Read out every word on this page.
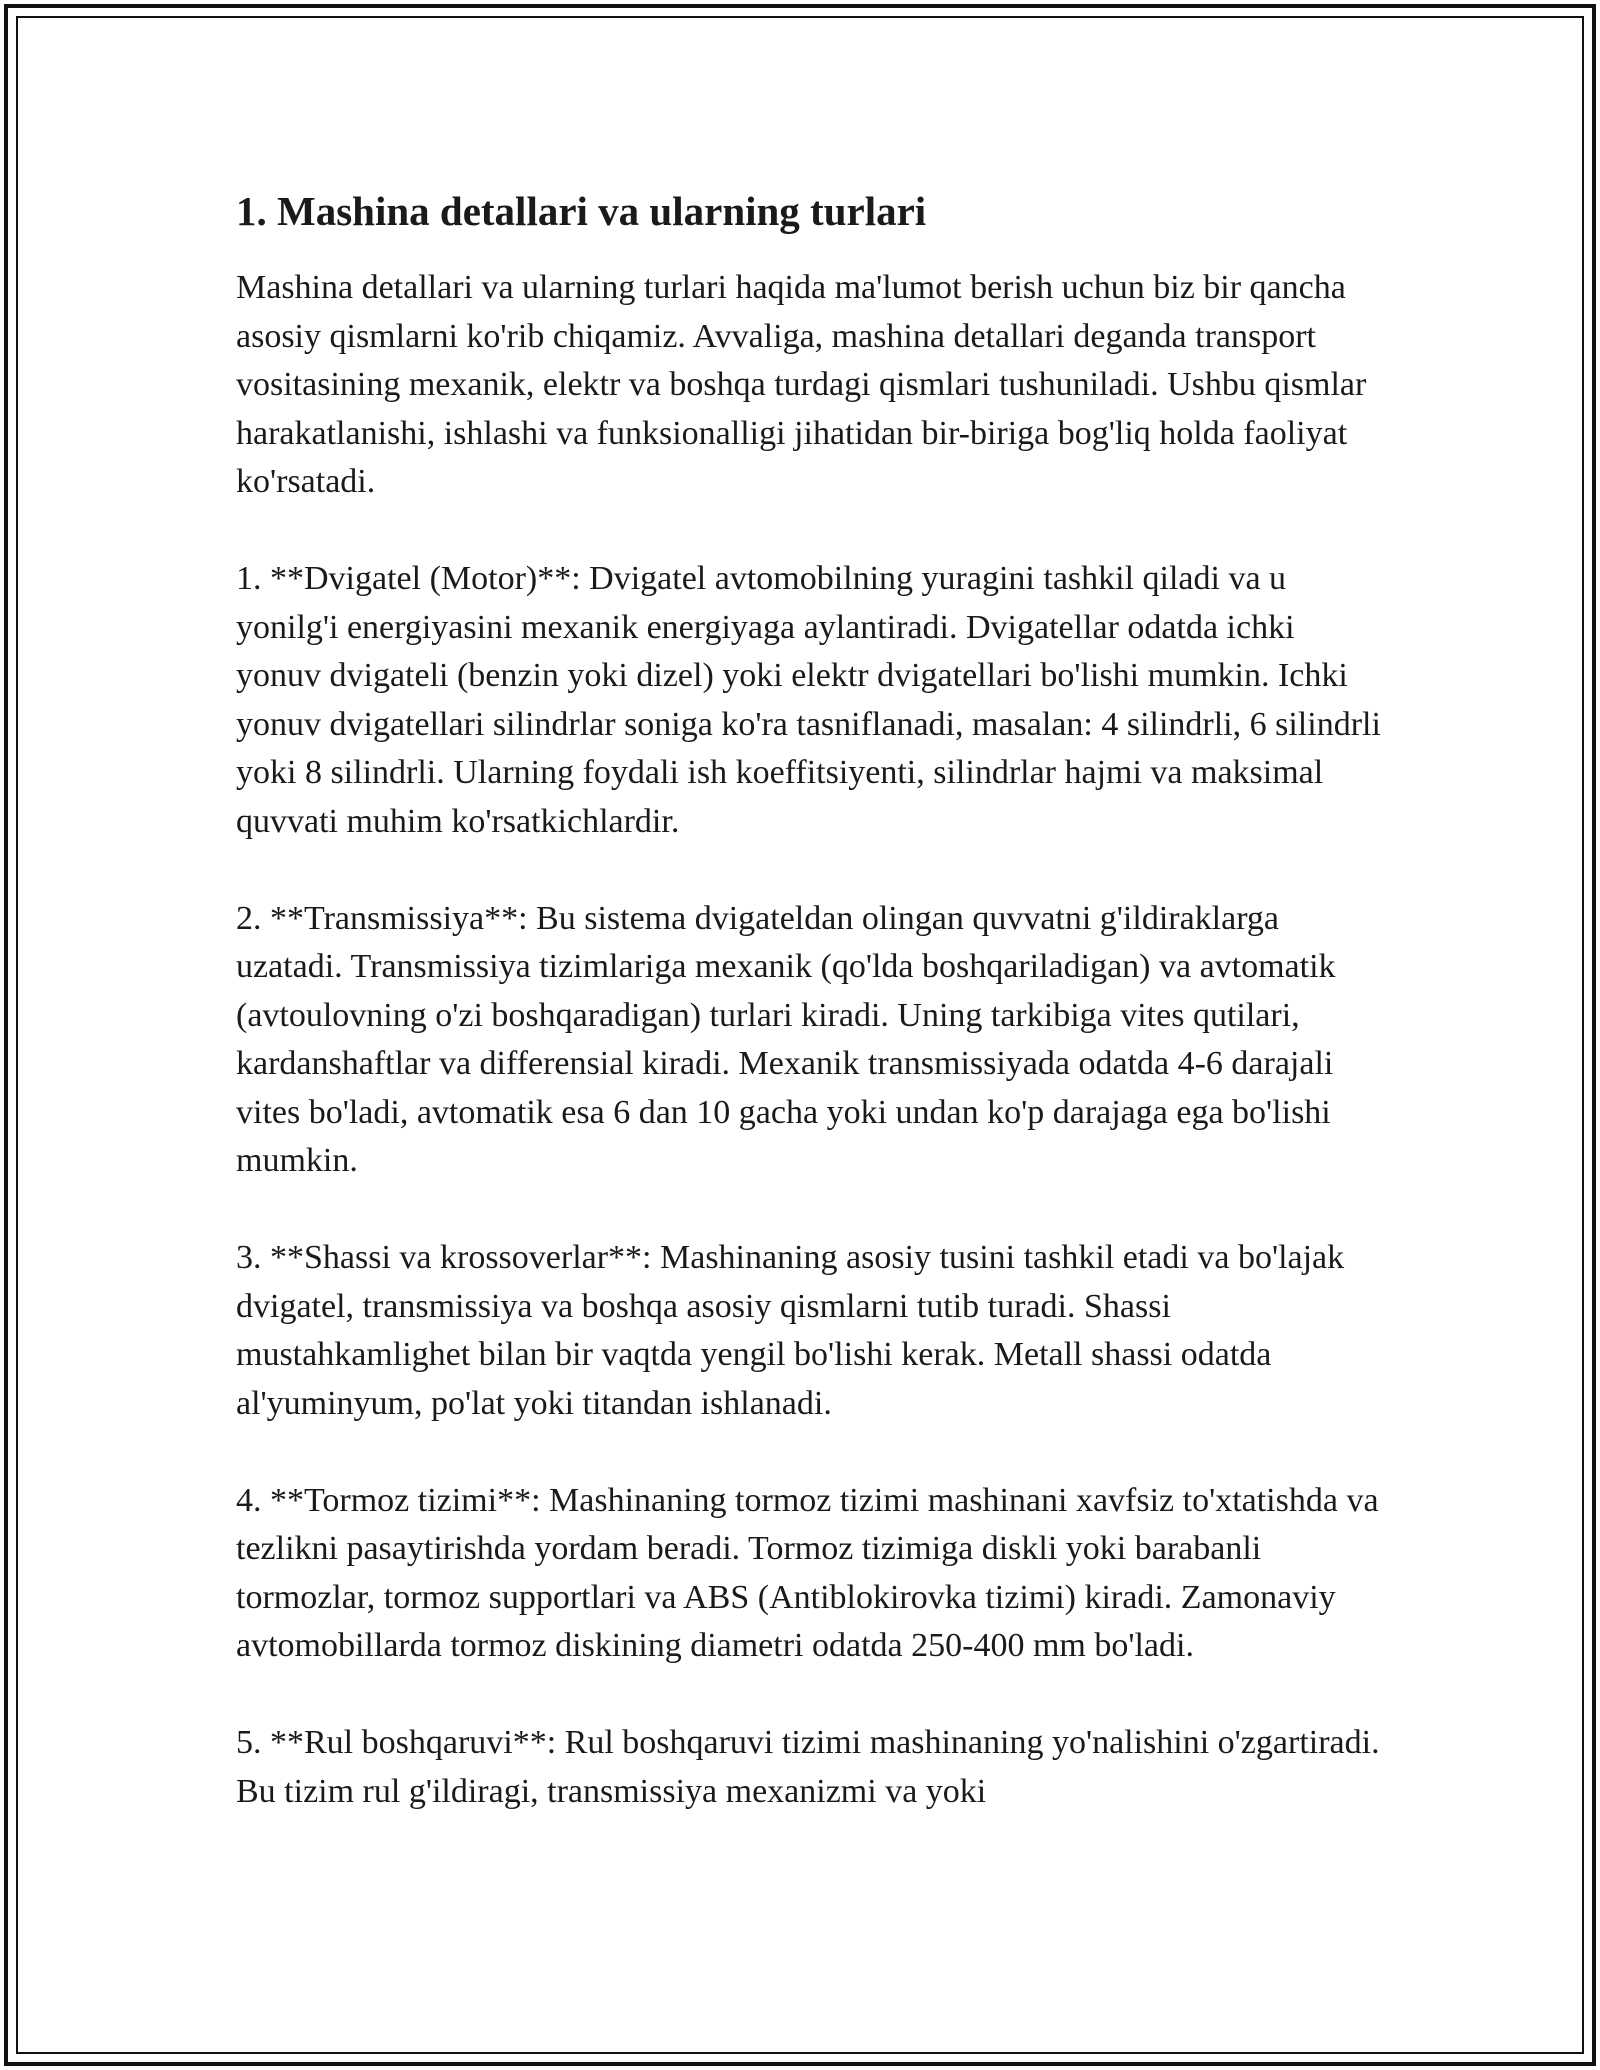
1. Mashina detallari va ularning turlari

Mashina detallari va ularning turlari haqida ma'lumot berish uchun biz bir qancha asosiy qismlarni ko'rib chiqamiz. Avvaliga, mashina detallari deganda transport vositasining mexanik, elektr va boshqa turdagi qismlari tushuniladi. Ushbu qismlar harakatlanishi, ishlashi va funksionalligi jihatidan bir-biriga bog'liq holda faoliyat ko'rsatadi.

1. **Dvigatel (Motor)**: Dvigatel avtomobilning yuragini tashkil qiladi va u yonilg'i energiyasini mexanik energiyaga aylantiradi. Dvigatellar odatda ichki yonuv dvigateli (benzin yoki dizel) yoki elektr dvigatellari bo'lishi mumkin. Ichki yonuv dvigatellari silindrlar soniga ko'ra tasniflanadi, masalan: 4 silindrli, 6 silindrli yoki 8 silindrli. Ularning foydali ish koeffitsiyenti, silindrlar hajmi va maksimal quvvati muhim ko'rsatkichlardir.

2. **Transmissiya**: Bu sistema dvigateldan olingan quvvatni g'ildiraklarga uzatadi. Transmissiya tizimlariga mexanik (qo'lda boshqariladigan) va avtomatik (avtoulovning o'zi boshqaradigan) turlari kiradi. Uning tarkibiga vites qutilari, kardanshaftlar va differensial kiradi. Mexanik transmissiyada odatda 4-6 darajali vites bo'ladi, avtomatik esa 6 dan 10 gacha yoki undan ko'p darajaga ega bo'lishi mumkin.

3. **Shassi va krossoverlar**: Mashinaning asosiy tusini tashkil etadi va bo'lajak dvigatel, transmissiya va boshqa asosiy qismlarni tutib turadi. Shassi mustahkamlighet bilan bir vaqtda yengil bo'lishi kerak. Metall shassi odatda al'yuminyum, po'lat yoki titandan ishlanadi.

4. **Tormoz tizimi**: Mashinaning tormoz tizimi mashinani xavfsiz to'xtatishda va tezlikni pasaytirishda yordam beradi. Tormoz tizimiga diskli yoki barabanli tormozlar, tormoz supportlari va ABS (Antiblokirovka tizimi) kiradi. Zamonaviy avtomobillarda tormoz diskining diametri odatda 250-400 mm bo'ladi.

5. **Rul boshqaruvi**: Rul boshqaruvi tizimi mashinaning yo'nalishini o'zgartiradi. Bu tizim rul g'ildiragi, transmissiya mexanizmi va yoki
